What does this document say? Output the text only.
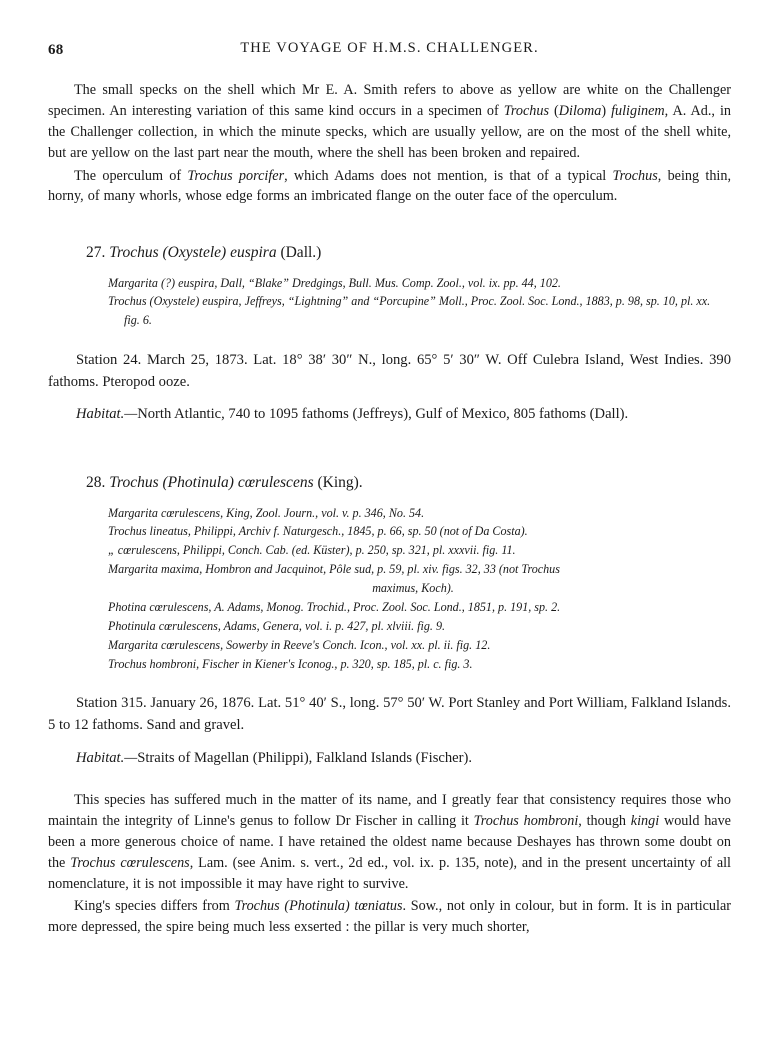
68	THE VOYAGE OF H.M.S. CHALLENGER.

The small specks on the shell which Mr E. A. Smith refers to above as yellow are white on the Challenger specimen. An interesting variation of this same kind occurs in a specimen of Trochus (Diloma) fuliginem, A. Ad., in the Challenger collection, in which the minute specks, which are usually yellow, are on the most of the shell white, but are yellow on the last part near the mouth, where the shell has been broken and repaired.

The operculum of Trochus porcifer, which Adams does not mention, is that of a typical Trochus, being thin, horny, of many whorls, whose edge forms an imbricated flange on the outer face of the operculum.

27. Trochus (Oxystele) euspira (Dall.)
Margarita (?) euspira, Dall, “Blake” Dredgings, Bull. Mus. Comp. Zool., vol. ix. pp. 44, 102.
Trochus (Oxystele) euspira, Jeffreys, “Lightning” and “Porcupine” Moll., Proc. Zool. Soc. Lond., 1883, p. 98, sp. 10, pl. xx. fig. 6.

Station 24. March 25, 1873. Lat. 18° 38′ 30″ N., long. 65° 5′ 30″ W. Off Culebra Island, West Indies. 390 fathoms. Pteropod ooze.

Habitat.—North Atlantic, 740 to 1095 fathoms (Jeffreys), Gulf of Mexico, 805 fathoms (Dall).

28. Trochus (Photinula) cœrulescens (King).
Margarita cœrulescens, King, Zool. Journ., vol. v. p. 346, No. 54.
Trochus lineatus, Philippi, Archiv f. Naturgesch., 1845, p. 66, sp. 50 (not of Da Costa).
„ cœrulescens, Philippi, Conch. Cab. (ed. Küster), p. 250, sp. 321, pl. xxxvii. fig. 11.
Margarita maxima, Hombron and Jacquinot, Pôle sud, p. 59, pl. xiv. figs. 32, 33 (not Trochus
maximus, Koch).
Photina cœrulescens, A. Adams, Monog. Trochid., Proc. Zool. Soc. Lond., 1851, p. 191, sp. 2.
Photinula cœrulescens, Adams, Genera, vol. i. p. 427, pl. xlviii. fig. 9.
Margarita cœrulescens, Sowerby in Reeve's Conch. Icon., vol. xx. pl. ii. fig. 12.
Trochus hombroni, Fischer in Kiener's Iconog., p. 320, sp. 185, pl. c. fig. 3.

Station 315. January 26, 1876. Lat. 51° 40′ S., long. 57° 50′ W. Port Stanley and Port William, Falkland Islands. 5 to 12 fathoms. Sand and gravel.

Habitat.—Straits of Magellan (Philippi), Falkland Islands (Fischer).

This species has suffered much in the matter of its name, and I greatly fear that consistency requires those who maintain the integrity of Linne's genus to follow Dr Fischer in calling it Trochus hombroni, though kingi would have been a more generous choice of name. I have retained the oldest name because Deshayes has thrown some doubt on the Trochus cœrulescens, Lam. (see Anim. s. vert., 2d ed., vol. ix. p. 135, note), and in the present uncertainty of all nomenclature, it is not impossible it may have right to survive.

King's species differs from Trochus (Photinula) tœniatus. Sow., not only in colour, but in form. It is in particular more depressed, the spire being much less exserted : the pillar is very much shorter,
